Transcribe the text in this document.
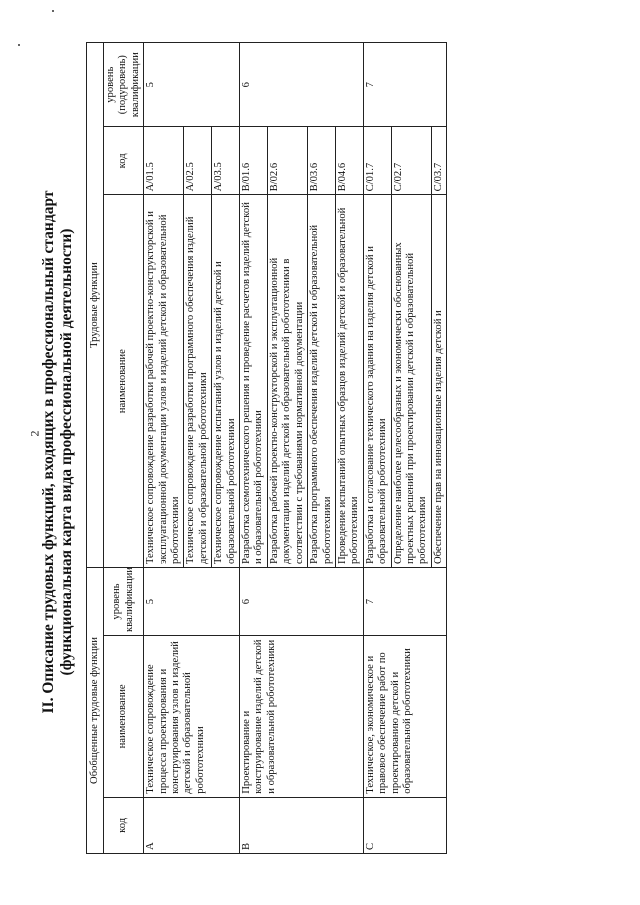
2
II. Описание трудовых функций, входящих в профессиональный стандарт (функциональная карта вида профессиональной деятельности)
Обобщенные трудовые функции			Трудовые функции		
код	наименование	уровень квалификации	наименование	код	уровень (подуровень) квалификации
A	Техническое сопровождение процесса проектирования и конструирования узлов и изделий детской и образовательной робототехники	5	Техническое сопровождение разработки рабочей проектно-конструкторской и эксплуатационной документации узлов и изделий детской и образовательной робототехники	A/01.5	5
			Техническое сопровождение разработки программного обеспечения изделий детской и образовательной робототехники	A/02.5	
			Техническое сопровождение испытаний узлов и изделий детской и образовательной робототехники	A/03.5	
B	Проектирование и конструирование изделий детской и образовательной робототехники	6	Разработка схемотехнического решения и проведение расчетов изделий детской и образовательной робототехники	B/01.6	6
			Разработка рабочей проектно-конструкторской и эксплуатационной документации изделий детской и образовательной робототехники в соответствии с требованиями нормативной документации	B/02.6	
			Разработка программного обеспечения изделий детской и образовательной робототехники	B/03.6	
			Проведение испытаний опытных образцов изделий детской и образовательной робототехники	B/04.6	
C	Техническое, экономическое и правовое обеспечение работ по проектированию детской и образовательной робототехники	7	Разработка и согласование технического задания на изделия детской и образовательной робототехники	C/01.7	7
			Определение наиболее целесообразных и экономически обоснованных проектных решений при проектировании детской и образовательной робототехники	C/02.7	
			Обеспечение прав на инновационные изделия детской и	C/03.7	
